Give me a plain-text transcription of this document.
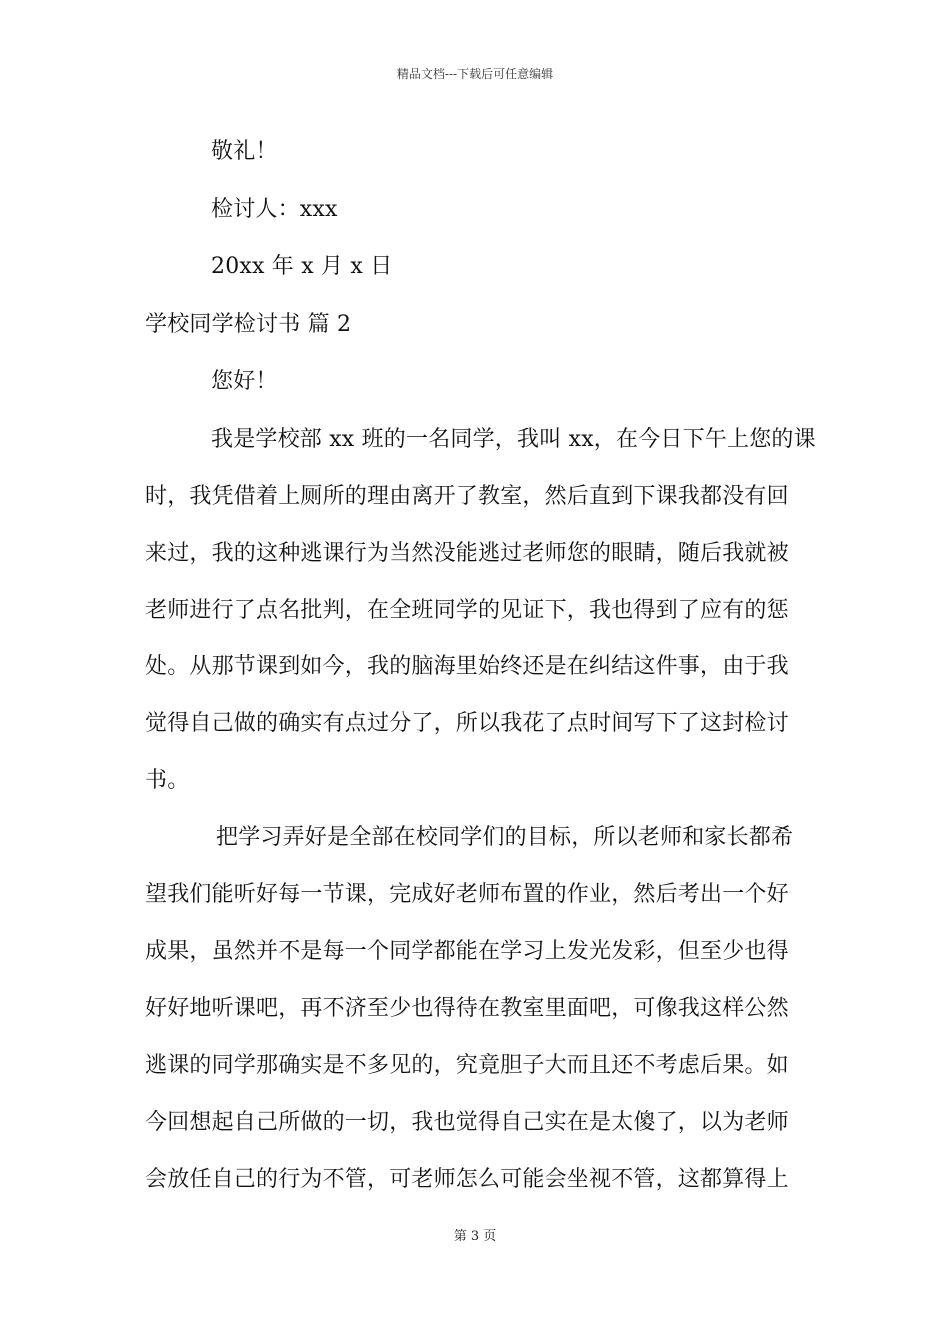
精品文档---下载后可任意编辑
敬礼！
检讨人：xxx
20xx 年 x 月 x 日
学校同学检讨书 篇 2
您好！
我是学校部 xx 班的一名同学，我叫 xx，在今日下午上您的课
时，我凭借着上厕所的理由离开了教室，然后直到下课我都没有回
来过，我的这种逃课行为当然没能逃过老师您的眼睛，随后我就被
老师进行了点名批判，在全班同学的见证下，我也得到了应有的惩
处。从那节课到如今，我的脑海里始终还是在纠结这件事，由于我
觉得自己做的确实有点过分了，所以我花了点时间写下了这封检讨
书。
把学习弄好是全部在校同学们的目标，所以老师和家长都希
望我们能听好每一节课，完成好老师布置的作业，然后考出一个好
成果，虽然并不是每一个同学都能在学习上发光发彩，但至少也得
好好地听课吧，再不济至少也得待在教室里面吧，可像我这样公然
逃课的同学那确实是不多见的，究竟胆子大而且还不考虑后果。如
今回想起自己所做的一切，我也觉得自己实在是太傻了，以为老师
会放任自己的行为不管，可老师怎么可能会坐视不管，这都算得上
第 3 页
